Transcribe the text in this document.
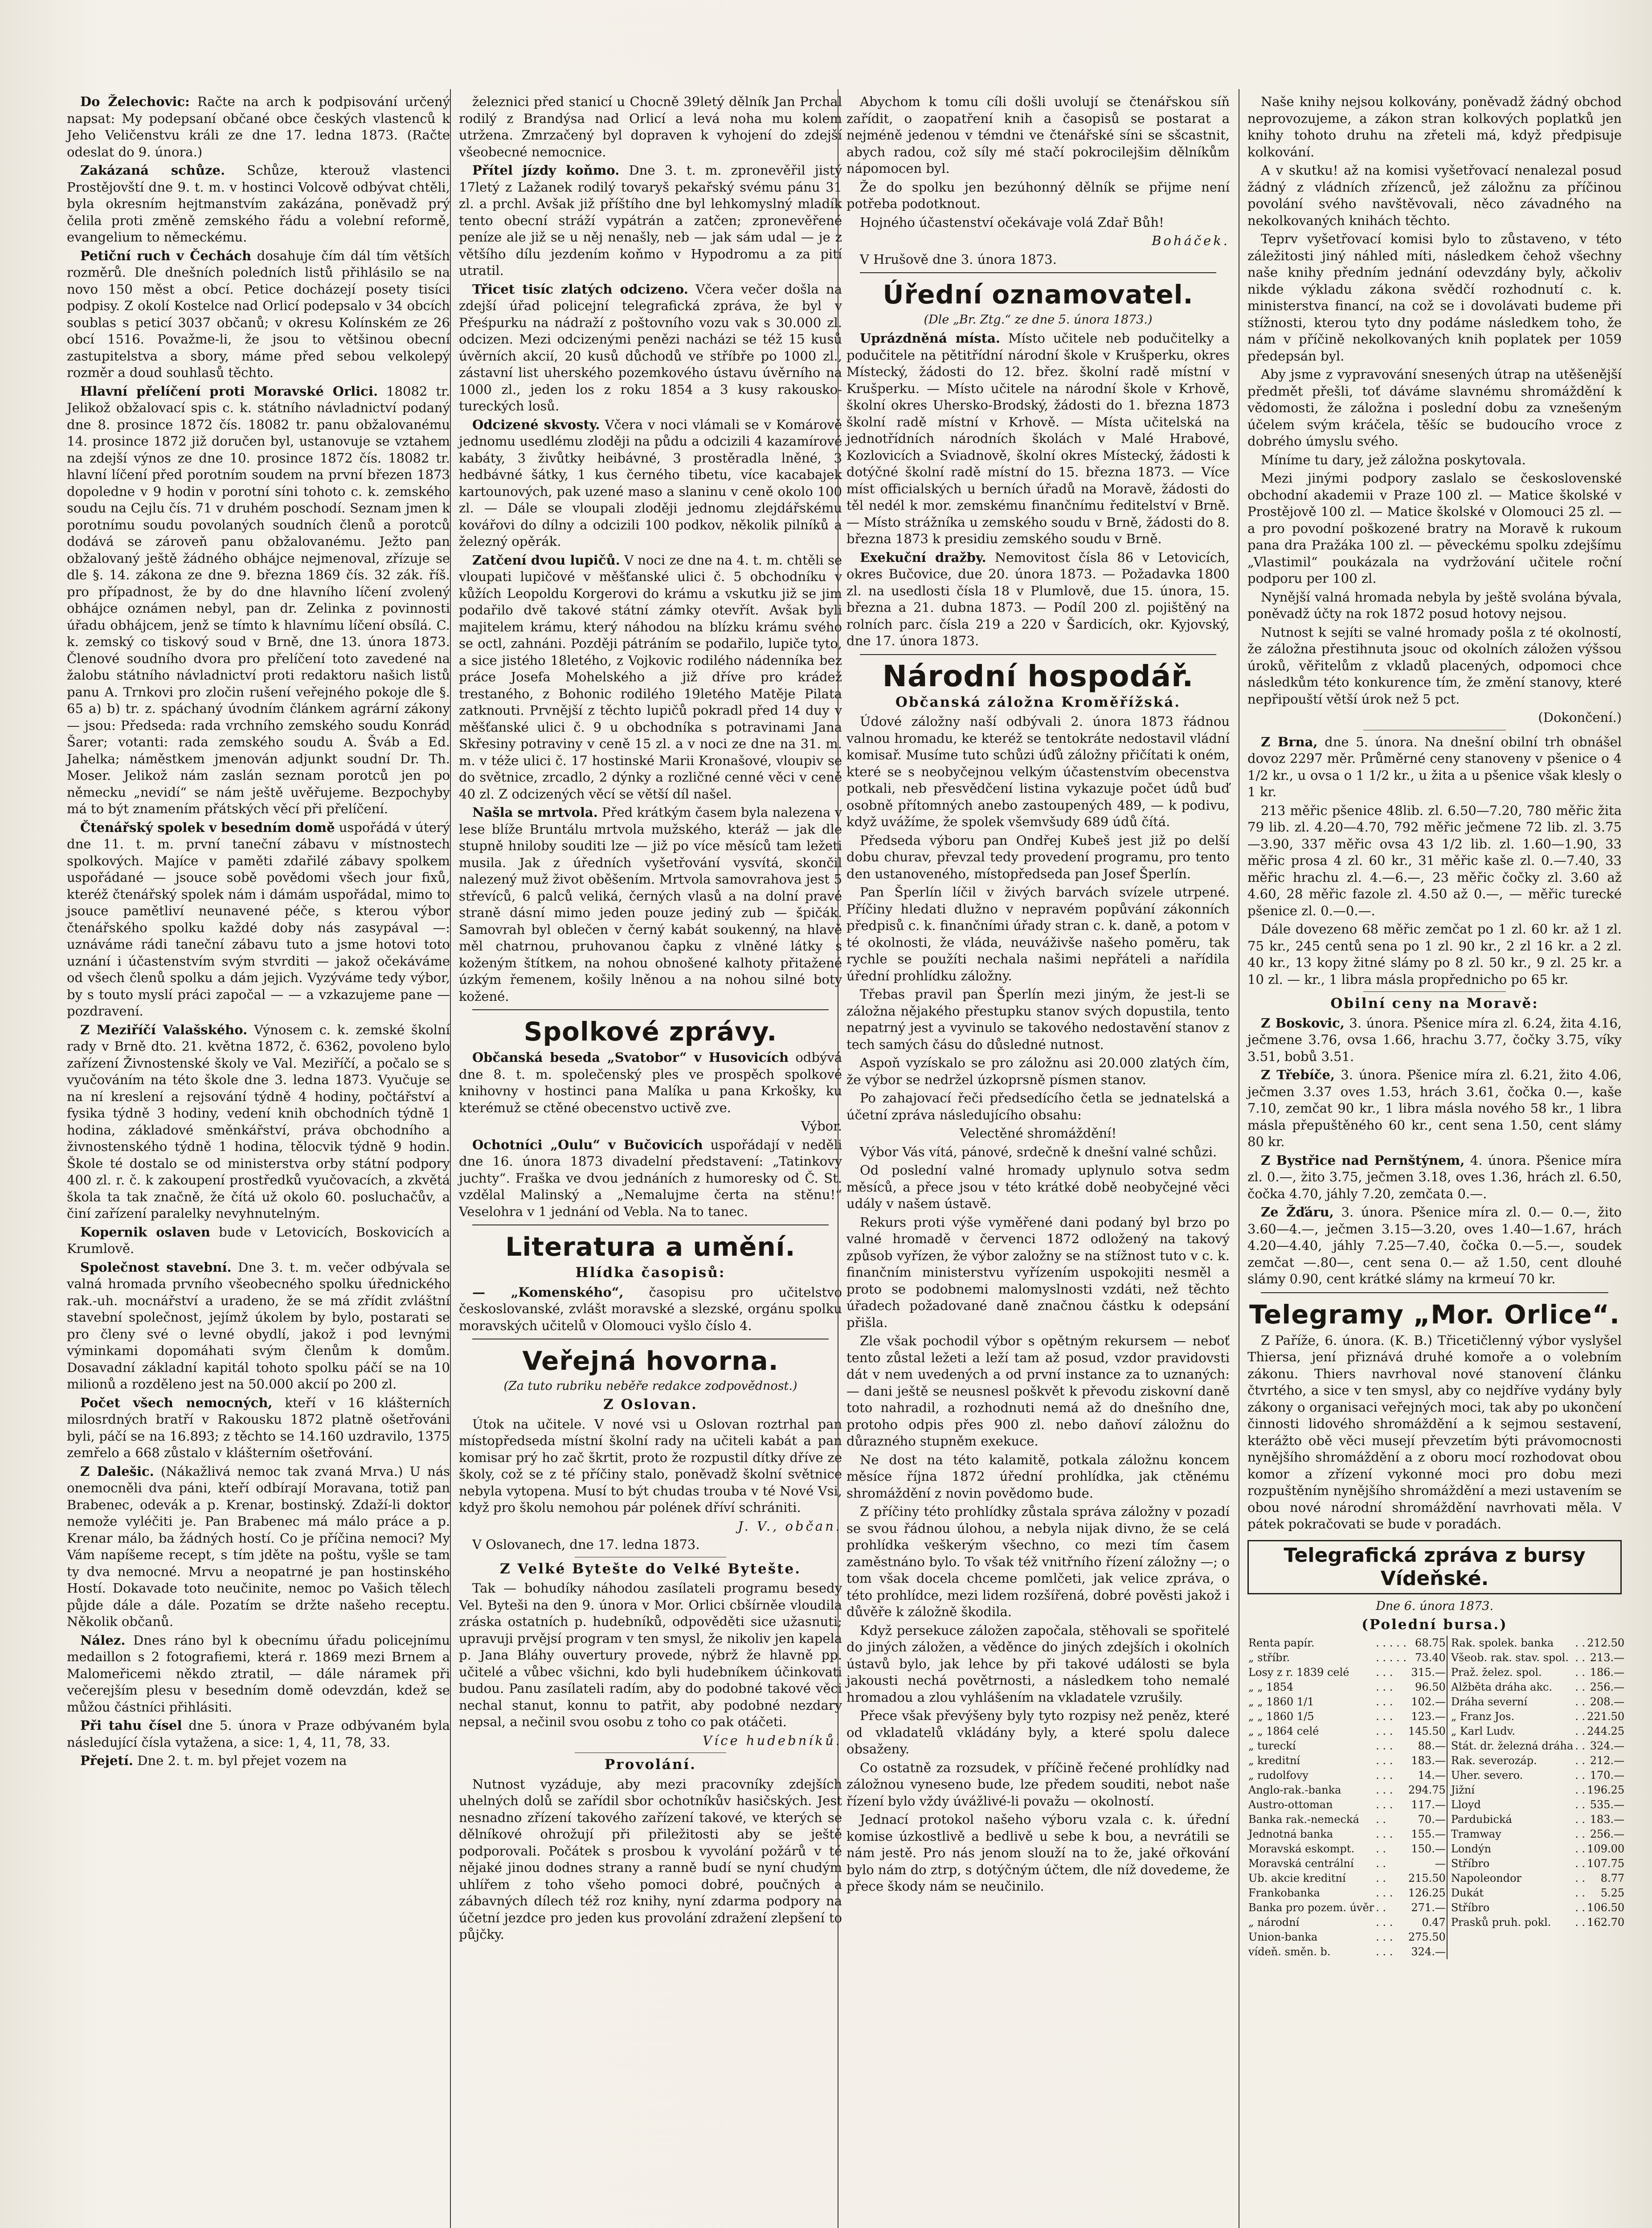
Do Želechovic: Račte na arch k podpisování určený napsat: My podepsaní občané obce českých vlastenců k Jeho Veličenstvu králi ze dne 17. ledna 1873. (Račte odeslat do 9. února.)

Zakázaná schůze. Schůze, kterouž vlastenci Prostějovští dne 9. t. m. v hostinci Volcově odbývat chtěli, byla okresním hejtmanstvím zakázána, poněvadž prý čelila proti změně zemského řádu a volební reformě, evangelium to německému.

Petiční ruch v Čechách dosahuje čím dál tím větších rozměrů. Dle dnešních poledních listů přihlásilo se na novo 150 měst a obcí. Petice docházejí posety tisíci podpisy. Z okolí Kostelce nad Orlicí podepsalo v 34 obcích soublas s peticí 3037 občanů; v okresu Kolínském ze 26 obcí 1516. Považme-li, že jsou to většinou obecní zastupitelstva a sbory, máme před sebou velkolepý rozměr a doud souhlasů těchto.

Hlavní přelíčení proti Moravské Orlici. 18082 tr. Jelikož obžalovací spis c. k. státního návladnictví podaný dne 8. prosince 1872 čís. 18082 tr. panu obžalovanému 14. prosince 1872 již doručen byl, ustanovuje se vztahem na zdejší výnos ze dne 10. prosince 1872 čís. 18082 tr. hlavní líčení před porotním soudem na první březen 1873 dopoledne v 9 hodin v porotní síni tohoto c. k. zemského soudu na Cejlu čís. 71 v druhém poschodí. Seznam jmen k porotnímu soudu povolaných soudních členů a porotců dodává se zároveň panu obžalovanému. Ježto pan obžalovaný ještě žádného obhájce nejmenoval, zřízuje se dle §. 14. zákona ze dne 9. března 1869 čís. 32 zák. říš. pro případnost, že by do dne hlavního líčení zvolený obhájce oznámen nebyl, pan dr. Zelinka z povinnosti úřadu obhájcem, jenž se tímto k hlavnímu líčení obsílá. C. k. zemský co tiskový soud v Brně, dne 13. února 1873. Členové soudního dvora pro přelíčení toto zavedené na žalobu státního návladnictví proti redaktoru našich listů panu A. Trnkovi pro zločin rušení veřejného pokoje dle §. 65 a) b) tr. z. spáchaný úvodním článkem agrární zákony — jsou: Předseda: rada vrchního zemského soudu Konrád Šarer; votanti: rada zemského soudu A. Šváb a Ed. Jahelka; náměstkem jmenován adjunkt soudní Dr. Th. Moser. Jelikož nám zaslán seznam porotců jen po německu „nevidí“ se nám ještě uvěřujeme. Bezpochyby má to být znamením přátských věcí při přelíčení.

Čtenářský spolek v besedním domě uspořádá v úterý dne 11. t. m. první taneční zábavu v místnostech spolkových. Majíce v paměti zdařilé zábavy spolkem uspořádané — jsouce sobě povědomi všech jour fixů, kteréž čtenářský spolek nám i dámám uspořádal, mimo to jsouce pamětliví neunavené péče, s kterou výbor čtenářského spolku každé doby nás zasypával —: uznáváme rádi taneční zábavu tuto a jsme hotovi toto uznání i účastenstvím svým stvrditi — jakož očekáváme od všech členů spolku a dám jejich. Vyzýváme tedy výbor, by s touto myslí práci započal — — a vzkazujeme pane — pozdravení.

Z Meziříčí Valašského. Výnosem c. k. zemské školní rady v Brně dto. 21. května 1872, č. 6362, povoleno bylo zařízení Živnostenské školy ve Val. Meziříčí, a počalo se s vyučováním na této škole dne 3. ledna 1873. Vyučuje se na ní kreslení a rejsování týdně 4 hodiny, počtářství a fysika týdně 3 hodiny, vedení knih obchodních týdně 1 hodina, základové směnkářství, práva obchodního a živnostenského týdně 1 hodina, tělocvik týdně 9 hodin. Škole té dostalo se od ministerstva orby státní podpory 400 zl. r. č. k zakoupení prostředků vyučovacích, a zkvětá škola ta tak značně, že čítá už okolo 60. posluchačův, a činí zařízení paralelky nevyhnutelným.

Kopernik oslaven bude v Letovicích, Boskovicích a Krumlově.

Společnost stavební. Dne 3. t. m. večer odbývala se valná hromada prvního všeobecného spolku úřednického rak.-uh. mocnářství a uradeno, že se má zřídit zvláštní stavební společnost, jejímž úkolem by bylo, postarati se pro členy své o levné obydlí, jakož i pod levnými výminkami dopomáhati svým členům k domům. Dosavadní základní kapitál tohoto spolku páčí se na 10 milionů a rozděleno jest na 50.000 akcií po 200 zl.

Počet všech nemocných, kteří v 16 klášterních milosrdných bratří v Rakousku 1872 platně ošetřováni byli, páčí se na 16.893; z těchto se 14.160 uzdravilo, 1375 zemřelo a 668 zůstalo v klášterním ošetřování.

Z Dalešic. (Nákažlivá nemoc tak zvaná Mrva.) U nás onemocněli dva páni, kteří odbírají Moravana, totiž pan Brabenec, odevák a p. Krenar, bostinský. Zdaží-li doktor nemože vyléčiti je. Pan Brabenec má málo práce a p. Krenar málo, ba žádných hostí. Co je příčina nemoci? My Vám napíšeme recept, s tím jděte na poštu, vyšle se tam ty dva nemocné. Mrvu a neopatrné je pan hostinského Hostí. Dokavade toto neučinite, nemoc po Vašich tělech půjde dále a dále. Pozatím se držte našeho receptu. Několik občanů.

Nález. Dnes ráno byl k obecnímu úřadu policejnímu medaillon s 2 fotografiemi, která r. 1869 mezi Brnem a Malomeřicemi někdo ztratil, — dále náramek při večerejším plesu v besedním domě odevzdán, kdež se můžou částníci přihlásiti.

Při tahu čísel dne 5. února v Praze odbývaném byla následující čísla vytažena, a sice: 1, 4, 11, 78, 33.

Přejetí. Dne 2. t. m. byl přejet vozem na

železnici před stanicí u Chocně 39letý dělník Jan Prchal rodilý z Brandýsa nad Orlicí a levá noha mu kolem utržena. Zmrzačený byl dopraven k vyhojení do zdejší všeobecné nemocnice.

Přítel jízdy koňmo. Dne 3. t. m. zpronevěřil jistý 17letý z Lažanek rodilý tovaryš pekařský svému pánu 31 zl. a prchl. Avšak již příštího dne byl lehkomyslný mladík tento obecní stráží vypátrán a zatčen; zpronevěřené peníze ale již se u něj nenašly, neb — jak sám udal — je z většího dílu jezdením koňmo v Hypodromu a za pití utratil.

Třicet tisíc zlatých odcizeno. Včera večer došla na zdejší úřad policejní telegrafická zpráva, že byl v Přeśpurku na nádraží z poštovního vozu vak s 30.000 zl. odcizen. Mezi odcizenými penězi nacházi se též 15 kusů úvěrních akcií, 20 kusů důchodů ve stříbře po 1000 zl., zástavní list uherského pozemkového ústavu úvěrního na 1000 zl., jeden los z roku 1854 a 3 kusy rakousko-tureckých losů.

Odcizené skvosty. Včera v noci vlámali se v Komárově jednomu usedlému zloději na půdu a odcizili 4 kazamírové kabáty, 3 živůtky heibávné, 3 prostěradla lněné, 3 hedbávné šátky, 1 kus černého tibetu, více kacabajek kartounových, pak uzené maso a slaninu v ceně okolo 100 zl. — Dále se vloupali zloději jednomu zlejdářskému kovářovi do dílny a odcizili 100 podkov, několik pilníků a železný opěrák.

Zatčení dvou lupičů. V noci ze dne na 4. t. m. chtěli se vloupati lupičové v měšťanské ulici č. 5 obchodníku v kůžích Leopoldu Korgerovi do krámu a vskutku již se jim podařilo dvě takové státní zámky otevřít. Avšak byli majitelem krámu, který náhodou na blízku krámu svého se octl, zahnáni. Později pátráním se podařilo, lupiče tyto, a sice jistého 18letého, z Vojkovic rodilého nádenníka bez práce Josefa Mohelského a již dříve pro krádež trestaného, z Bohonic rodilého 19letého Matěje Pilata zatknouti. Prvnější z těchto lupičů pokradl před 14 duy v měšťanské ulici č. 9 u obchodníka s potravinami Jana Skřesiny potraviny v ceně 15 zl. a v noci ze dne na 31. m. m. v téže ulici č. 17 hostinské Marii Kronašové, vloupiv se do světnice, zrcadlo, 2 dýnky a rozličné cenné věci v ceně 40 zl. Z odcizených věcí se větší díl našel.

Našla se mrtvola. Před krátkým časem byla nalezena v lese blíže Bruntálu mrtvola mužského, kteráž — jak dle stupně hniloby souditi lze — již po více měsíců tam ležeti musila. Jak z úředních vyšetřování vysvítá, skončil nalezený muž život oběšením. Mrtvola samovrahova jest 5 střevíců, 6 palců veliká, černých vlasů a na dolní pravé straně dásní mimo jeden pouze jediný zub — špičák. Samovrah byl oblečen v černý kabát soukenný, na hlavě měl chatrnou, pruhovanou čapku z vlněné látky s koženým štítkem, na nohou obnošené kalhoty přitažené úzkým řemenem, košily lněnou a na nohou silné boty kožené.

Spolkové zprávy.

Občanská beseda „Svatobor“ v Husovicích odbývá dne 8. t. m. společenský ples ve prospěch spolkové knihovny v hostinci pana Malíka u pana Krkošky, ku kterémuž se ctěné obecenstvo uctivě zve.

Výbor.

Ochotníci „Oulu“ v Bučovicích uspořádají v neděli dne 16. února 1873 divadelní představení: „Tatinkovy juchty“. Fraška ve dvou jednáních z humoresky od Č. St. vzdělal Malinský a „Nemalujme čerta na stěnu!“ Veselohra v 1 jednání od Vebla. Na to tanec.

Literatura a umění.
Hlídka časopisů:

— „Komenského“, časopisu pro učitelstvo českoslovanské, zvlášt moravské a slezské, orgánu spolku moravských učitelů v Olomouci vyšlo číslo 4.

Veřejná hovorna.
(Za tuto rubriku neběře redakce zodpovědnost.)
Z Oslovan.

Útok na učitele. V nové vsi u Oslovan roztrhal pan místopředseda místní školní rady na učiteli kabát a pan komisar prý ho zač škrtit, proto že rozpustil dítky dříve ze školy, což se z té příčiny stalo, poněvadž školní světnice nebyla vytopena. Musí to být chudas trouba v té Nové Vsi, když pro školu nemohou pár polének dříví schrániti.

J. V., občan.

V Oslovanech, dne 17. ledna 1873.

Z Velké Bytešte do Velké Bytešte.

Tak — bohudíky náhodou zasílateli programu besedy Vel. Byteši na den 9. února v Mor. Orlici cbšírněe vloudila zráska ostatních p. hudebníků, odpověděti sice užasnuti; upravuji prvějsí program v ten smysl, že nikoliv jen kapela p. Jana Bláhy ouvertury provede, nýbrž že hlavně pp. učitelé a vůbec všichni, kdo byli hudebníkem účinkovati budou. Panu zasílateli radím, aby do podobné takové věci nechal stanut, konnu to patřit, aby podobné nezdary nepsal, a nečinil svou osobu z toho co pak otáčeti.

Více hudebníků.

Provolání.

Nutnost vyzáduje, aby mezi pracovníky zdejších uhelných dolů se zařídil sbor ochotníkův hasičských. Jest nesnadno zřízení takového zařízení takové, ve kterých se dělníkové ohrožují při přiležitosti aby se ještě podporovali. Počátek s prosbou k vyvolání požárů v té nějaké jinou dodnes strany a ranně budí se nyní chudým uhlířem z toho všeho pomoci dobré, poučných a zábavných dílech též roz knihy, nyní zdarma podpory na účetní jezdce pro jeden kus provolání zdražení zlepšení to půjčky.

Abychom k tomu cíli došli uvolují se čtenářskou síň zařídit, o zaopatření knih a časopisů se postarat a nejméně jedenou v témdni ve čtenářské síni se sšcastnit, abych radou, což síly mé stačí pokrocilejšim dělníkům nápomocen byl.

Že do spolku jen bezúhonný dělník se přijme není potřeba podotknout.

Hojného účastenství očekávaje volá Zdař Bůh!

Boháček.

V Hrušově dne 3. února 1873.

Úřední oznamovatel.
(Dle „Br. Ztg.“ ze dne 5. února 1873.)

Uprázdněná místa. Místo učitele neb podučitelky a podučitele na pětitřídní národní škole v Krušperku, okres Místecký, žádosti do 12. břez. školní radě místní v Krušperku. — Místo učitele na národní škole v Krhově, školní okres Uhersko-Brodský, žádosti do 1. března 1873 školní radě místní v Krhově. — Místa učitelská na jednotřídních národních školách v Malé Hrabové, Kozlovicích a Sviadnově, školní okres Místecký, žádosti k dotýčné školní radě místní do 15. března 1873. — Více míst officialských u berních úřadů na Moravě, žádosti do těl nedél k mor. zemskému finančnímu ředitelství v Brně. — Místo strážníka u zemského soudu v Brně, žádosti do 8. března 1873 k presidiu zemského soudu v Brně.

Exekuční dražby. Nemovitost čísla 86 v Letovicích, okres Bučovice, due 20. února 1873. — Požadavka 1800 zl. na usedlosti čísla 18 v Plumlově, due 15. února, 15. března a 21. dubna 1873. — Podíl 200 zl. pojištěný na rolních parc. čísla 219 a 220 v Šardicích, okr. Kyjovský, dne 17. února 1873.

Národní hospodář.
Občanská záložna Kroměřížská.

Údové záložny naší odbývali 2. února 1873 řádnou valnou hromadu, ke kteréž se tentokráte nedostavil vládní komisař. Musíme tuto schůzi úďů záložny přičítati k oném, které se s neobyčejnou velkým účastenstvím obecenstva potkali, neb přesvědčení listina vykazuje počet údů buď osobně přítomných anebo zastoupených 489, — k podivu, když uvážíme, že spolek všemvšudy 689 údů čítá.

Předseda výboru pan Ondřej Kubeš jest již po delší dobu churav, převzal tedy provedení programu, pro tento den ustanoveného, místopředseda pan Josef Šperlín.

Pan Šperlín líčil v živých barvách svízele utrpené. Příčiny hledati dlužno v nepravém popůvání zákonních předpisů c. k. finančními úřady stran c. k. daně, a potom v té okolnosti, že vláda, neuváživše našeho poměru, tak rychle se použíti nechala našimi nepřáteli a nařídila úřední prohlídku záložny.

Třebas pravil pan Šperlín mezi jiným, že jest-li se záložna nějakého přestupku stanov svých dopustila, tento nepatrný jest a vyvinulo se takového nedostavění stanov z tech samých čásu do důsledné nutnost.

Aspoň vyzískalo se pro záložnu asi 20.000 zlatých čím, že výbor se nedržel úzkoprsně písmen stanov.

Po zahajovací řeči předsedícího četla se jednatelská a účetní zpráva následujícího obsahu:

Velectěné shromáždění!

Výbor Vás vítá, pánové, srdečně k dnešní valné schůzi.

Od poslední valné hromady uplynulo sotva sedm měsíců, a přece jsou v této krátké době neobyčejné věci udály v našem ústavě.

Rekurs proti výše vyměřené dani podaný byl brzo po valné hromadě v červenci 1872 odložený na takový způsob vyřízen, že výbor založny se na stížnost tuto v c. k. finančním ministerstvu vyřízením uspokojiti nesměl a proto se podobnemi malomyslnosti vzdáti, než těchto úřadech požadované daně značnou částku k odepsání přišla.

Zle však pochodil výbor s opětným rekursem — neboť tento zůstal ležeti a leží tam až posud, vzdor pravidovsti dát v nem uvedených a od první instance za to uznaných: — dani ještě se neusnesl poškvět k převodu ziskovní daně toto nahradil, a rozhodnuti nemá až do dnešního dne, protoho odpis přes 900 zl. nebo daňoví záložnu do důrazného stupněm exekuce.

Ne dost na této kalamitě, potkala záložnu koncem měsíce října 1872 úřední prohlídka, jak ctěnému shromáždění z novin povědomo bude.

Z příčiny této prohlídky zůstala správa záložny v pozadí se svou řádnou úlohou, a nebyla nijak divno, že se celá prohlídka veškerým všechno, co mezi tím časem zaměstnáno bylo. To však též vnitřního řízení záložny —; o tom však docela chceme pomlčeti, jak velice zpráva, o této prohlídce, mezi lidem rozšířená, dobré pověsti jakož i důvěře k záložně škodila.

Když persekuce záložen započala, stěhovali se spořitelé do jiných záložen, a věděnce do jiných zdejších i okolních ústavů bylo, jak lehce by při takové události se byla jakousti nechá povětrnosti, a následkem toho nemalé hromadou a zlou vyhlášením na vkladatele vzrušily.

Přece však převýšeny byly tyto rozpisy než peněz, které od vkladatelů vkládány byly, a které spolu dalece obsaženy.

Co ostatně za rozsudek, v příčině řečené prohlídky nad záložnou vyneseno bude, lze předem souditi, nebot naše řízení bylo vždy úvážlivé-li považu — okolností.

Jednací protokol našeho výboru vzala c. k. úřední komise úzkostlivě a bedlivě u sebe k bou, a nevrátili se nám jestě. Pro nás jenom slouží na to že, jaké ořkování bylo nám do ztrp, s dotýčným účtem, dle níž dovedeme, že přece škody nám se neučinilo.

Naše knihy nejsou kolkovány, poněvadž žádný obchod neprovozujeme, a zákon stran kolkových poplatků jen knihy tohoto druhu na zřeteli má, když předpisuje kolkování.

A v skutku! až na komisi vyšetřovací nenalezal posud žádný z vládních zřízenců, jež záložnu za příčinou povolání svého navštěvovali, něco závadného na nekolkovaných knihách těchto.

Teprv vyšetřovací komisi bylo to zůstaveno, v této záležitosti jiný náhled míti, následkem čehož všechny naše knihy předním jednání odevzdány byly, ačkoliv nikde výkladu zákona svědčí rozhodnutí c. k. ministerstva financí, na což se i dovolávati budeme při stížnosti, kterou tyto dny podáme následkem toho, že nám v příčině nekolkovaných knih poplatek per 1059 předepsán byl.

Aby jsme z vypravování snesených útrap na utěšenější předmět přešli, toť dáváme slavnému shromáždění k vědomosti, že záložna i poslední dobu za vznešeným účelem svým kráčela, těšíc se budoucího vroce z dobrého úmyslu svého.

Míníme tu dary, jež záložna poskytovala.

Mezi jinými podpory zaslalo se československé obchodní akademii v Praze 100 zl. — Matice školské v Prostějově 100 zl. — Matice školské v Olomouci 25 zl. — a pro povodní poškozené bratry na Moravě k rukoum pana dra Pražáka 100 zl. — pěveckému spolku zdejšímu „Vlastimil“ poukázala na vydržování učitele roční podporu per 100 zl.

Nynější valná hromada nebyla by ještě svolána bývala, poněvadž účty na rok 1872 posud hotovy nejsou.

Nutnost k sejíti se valné hromady pošla z té okolností, že záložna přestihnuta jsouc od okolních záložen výšsou úroků, věřitelům z vkladů placených, odpomoci chce následkům této konkurence tím, že změní stanovy, které nepřipouští větší úrok než 5 pct.

(Dokončení.)

Z Brna, dne 5. února. Na dnešní obilní trh obnášel dovoz 2297 měr. Průměrné ceny stanoveny v pšenice o 4 1/2 kr., u ovsa o 1 1/2 kr., u žita a u pšenice však klesly o 1 kr.

213 měřic pšenice 48lib. zl. 6.50—7.20, 780 měřic žita 79 lib. zl. 4.20—4.70, 792 měřic ječmene 72 lib. zl. 3.75—3.90, 337 měřic ovsa 43 1/2 lib. zl. 1.60—1.90, 33 měřic prosa 4 zl. 60 kr., 31 měřic kaše zl. 0.—7.40, 33 měřic hrachu zl. 4.—6.—, 23 měřic čočky zl. 3.60 až 4.60, 28 měřic fazole zl. 4.50 až 0.—, — měřic turecké pšenice zl. 0.—0.—.

Dále dovezeno 68 měřic zemčat po 1 zl. 60 kr. až 1 zl. 75 kr., 245 centů sena po 1 zl. 90 kr., 2 zl 16 kr. a 2 zl. 40 kr., 13 kopy žitné slámy po 8 zl. 50 kr., 9 zl. 25 kr. a 10 zl. — kr., 1 libra másla propřednicho po 65 kr.

Obilní ceny na Moravě:

Z Boskovic, 3. února. Pšenice míra zl. 6.24, žita 4.16, ječmene 3.76, ovsa 1.66, hrachu 3.77, čočky 3.75, víky 3.51, bobů 3.51.

Z Třebíče, 3. února. Pšenice míra zl. 6.21, žito 4.06, ječmen 3.37 oves 1.53, hrách 3.61, čočka 0.—, kaše 7.10, zemčat 90 kr., 1 libra másla nového 58 kr., 1 libra másla přepuštěného 60 kr., cent sena 1.50, cent slámy 80 kr.

Z Bystřice nad Pernštýnem, 4. února. Pšenice míra zl. 0.—, žito 3.75, ječmen 3.18, oves 1.36, hrách zl. 6.50, čočka 4.70, jáhly 7.20, zemčata 0.—.

Ze Žďáru, 3. února. Pšenice míra zl. 0.— 0.—, žito 3.60—4.—, ječmen 3.15—3.20, oves 1.40—1.67, hrách 4.20—4.40, jáhly 7.25—7.40, čočka 0.—5.—, soudek zemčat —.80—, cent sena 0.— až 1.50, cent dlouhé slámy 0.90, cent krátké slámy na krmeuí 70 kr.

Telegramy „Mor. Orlice“.

Z Paříže, 6. února. (K. B.) Třicetičlenný výbor vyslyšel Thiersa, jení přiznává druhé komoře a o volebním zákonu. Thiers navrhoval nové stanovení článku čtvrtého, a sice v ten smysl, aby co nejdříve vydány byly zákony o organisaci veřejných moci, tak aby po ukončení činnosti lidového shromáždění a k sejmou sestavení, kterážto obě věci musejí převzetím býti právomocnosti nynějšího shromáždění a z oboru mocí rozhodovat obou komor a zřízení vykonné moci pro dobu mezi rozpuštěním nynějšího shromáždění a mezi ustavením se obou nové národní shromáždění navrhovati měla. V pátek pokračovati se bude v poradách.

Telegrafická zpráva z bursy Vídeňské.
Dne 6. února 1873.
(Polední bursa.)
Renta papír.	. . . . .	68.75	Rak. spolek. banka	. .	212.50
„ stříbr.	. . . . .	73.40	Všeob. rak. stav. spol.	. .	213.—
Losy z r. 1839 celé	. . .	315.—	Praž. želez. spol.	. .	186.—
„ „ 1854	. . .	96.50	Alžběta dráha akc.	. .	256.—
„ „ 1860 1/1	. . .	102.—	Dráha severní	. .	208.—
„ „ 1860 1/5	. . .	123.—	„ Franz Jos.	. .	221.50
„ „ 1864 celé	. . .	145.50	„ Karl Ludv.	. .	244.25
„ tureckí	. . .	88.—	Stát. dr. železná dráha	. .	324.—
„ kreditní	. . .	183.—	Rak. severozáp.	. .	212.—
„ rudolfovy	. . .	14.—	Uher. severo.	. .	170.—
Anglo-rak.-banka	. . .	294.75	Jižní	. .	196.25
Austro-ottoman	. . .	117.—	Lloyd	. .	535.—
Banka rak.-nemecká	. .	70.—	Pardubická	. .	183.—
Jednotná banka	. . .	155.—	Tramway	. .	256.—
Moravská eskompt.	. .	150.—	Londýn	. .	109.00
Moravská centrální	. .	—	Stříbro	. .	107.75
Ub. akcie kreditní	. .	215.50	Napoleondor	. .	8.77
Frankobanka	. . .	126.25	Dukát	. .	5.25
Banka pro pozem. úvěr	. .	271.—	Stříbro	. .	106.50
„ národní	. . .	0.47	Prasků pruh. pokl.	. .	162.70
Union-banka	. . .	275.50			
vídeň. směn. b.	. . .	324.—			
